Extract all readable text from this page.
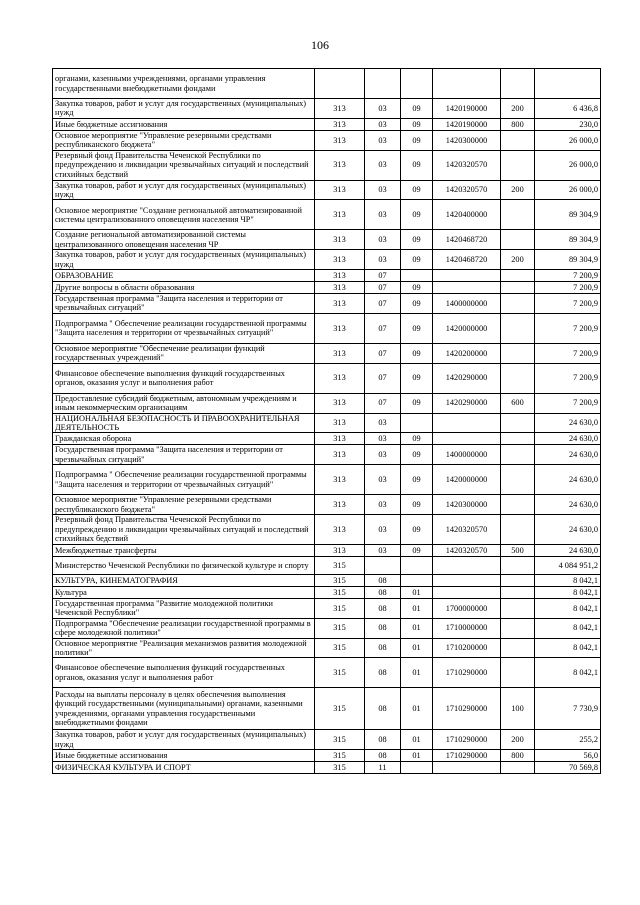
106
органами, казенными учреждениями, органами управления государственными внебюджетными фондами						
Закупка товаров, работ и услуг для государственных (муниципальных) нужд	313	03	09	1420190000	200	6 436,8
Иные бюджетные ассигнования	313	03	09	1420190000	800	230,0
Основное мероприятие "Управление резервными средствами республиканского бюджета"	313	03	09	1420300000		26 000,0
Резервный фонд Правительства Чеченской Республики по предупреждению и ликвидации чрезвычайных ситуаций и последствий стихийных бедствий	313	03	09	1420320570		26 000,0
Закупка товаров, работ и услуг для государственных (муниципальных) нужд	313	03	09	1420320570	200	26 000,0
Основное мероприятие "Создание региональной автоматизированной системы централизованного оповещения населения ЧР"	313	03	09	1420400000		89 304,9
Создание региональной автоматизированной системы централизованного оповещения населения ЧР	313	03	09	1420468720		89 304,9
Закупка товаров, работ и услуг для государственных (муниципальных) нужд	313	03	09	1420468720	200	89 304,9
ОБРАЗОВАНИЕ	313	07				7 200,9
Другие вопросы в области образования	313	07	09			7 200,9
Государственная программа "Защита населения и территории от чрезвычайных ситуаций"	313	07	09	1400000000		7 200,9
Подпрограмма " Обеспечение реализации государственной программы "Защита населения и территории от чрезвычайных ситуаций"	313	07	09	1420000000		7 200,9
Основное мероприятие "Обеспечение реализации функций государственных учреждений"	313	07	09	1420200000		7 200,9
Финансовое обеспечение выполнения функций государственных органов, оказания услуг и выполнения работ	313	07	09	1420290000		7 200,9
Предоставление субсидий бюджетным, автономным учреждениям и иным некоммерческим организациям	313	07	09	1420290000	600	7 200,9
НАЦИОНАЛЬНАЯ БЕЗОПАСНОСТЬ И ПРАВООХРАНИТЕЛЬНАЯ ДЕЯТЕЛЬНОСТЬ	313	03				24 630,0
Гражданская оборона	313	03	09			24 630,0
Государственная программа "Защита населения и территории от чрезвычайных ситуаций"	313	03	09	1400000000		24 630,0
Подпрограмма " Обеспечение реализации государственной программы "Защита населения и территории от чрезвычайных ситуаций"	313	03	09	1420000000		24 630,0
Основное мероприятие "Управление резервными средствами республиканского бюджета"	313	03	09	1420300000		24 630,0
Резервный фонд Правительства Чеченской Республики по предупреждению и ликвидации чрезвычайных ситуаций и последствий стихийных бедствий	313	03	09	1420320570		24 630,0
Межбюджетные трансферты	313	03	09	1420320570	500	24 630,0
Министерство Чеченской Республики по физической культуре и спорту	315					4 084 951,2
КУЛЬТУРА, КИНЕМАТОГРАФИЯ	315	08				8 042,1
Культура	315	08	01			8 042,1
Государственная программа "Развитие молодежной политики Чеченской Республики"	315	08	01	1700000000		8 042,1
Подпрограмма "Обеспечение реализации государственной программы в сфере молодежной политики"	315	08	01	1710000000		8 042,1
Основное мероприятие "Реализация механизмов развития молодежной политики"	315	08	01	1710200000		8 042,1
Финансовое обеспечение выполнения функций государственных органов, оказания услуг и выполнения работ	315	08	01	1710290000		8 042,1
Расходы на выплаты персоналу в целях обеспечения выполнения функций государственными (муниципальными) органами, казенными учреждениями, органами управления государственными внебюджетными фондами	315	08	01	1710290000	100	7 730,9
Закупка товаров, работ и услуг для государственных (муниципальных) нужд	315	08	01	1710290000	200	255,2
Иные бюджетные ассигнования	315	08	01	1710290000	800	56,0
ФИЗИЧЕСКАЯ КУЛЬТУРА И СПОРТ	315	11				70 569,8
